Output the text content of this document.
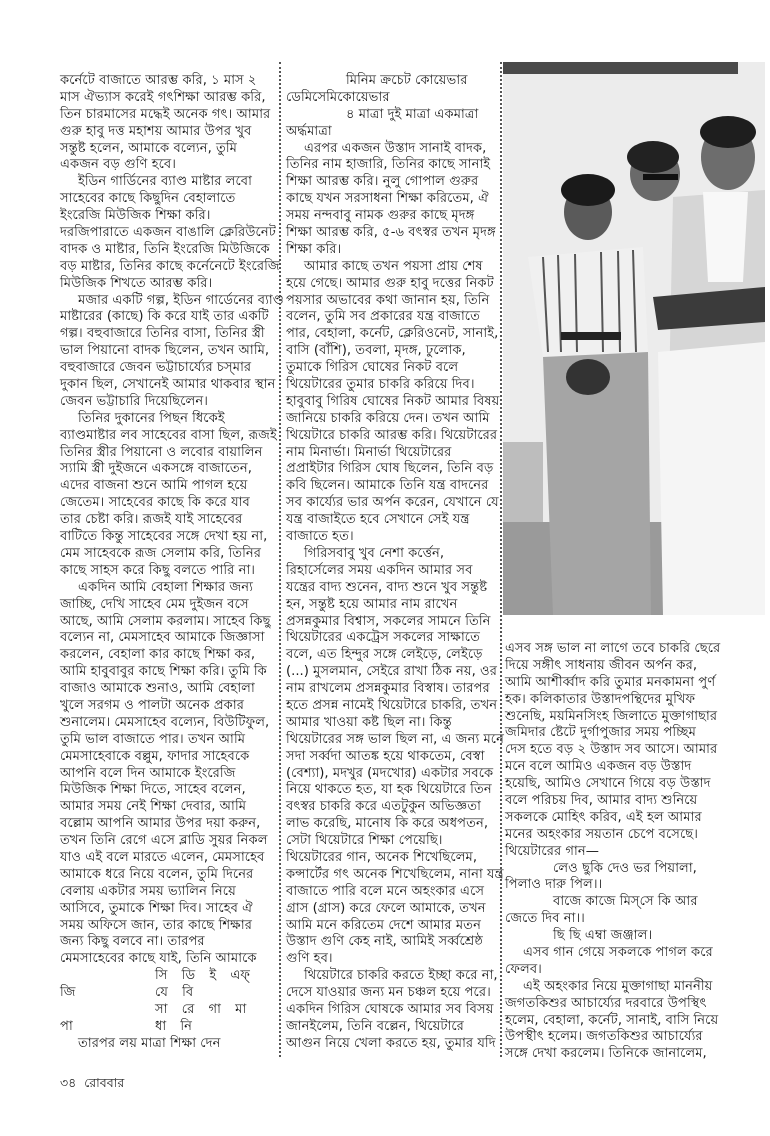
কর্নেটে বাজাতে আরম্ভ করি, ১ মাস ২
মাস ঐভ্যাস করেই গৎশিক্ষা আরম্ভ করি,
তিন চারমাসের মদ্ধেই অনেক গৎ। আমার
গুরু হাবু দত্ত মহাশয় আমার উপর খুব
সন্তুষ্ট হলেন, আমাকে বল্যেন, তুমি
একজন বড় গুণি হবে।
ইডিন গার্ডিনের ব্যাণ্ড মাষ্টার লবো
সাহেবের কাছে কিছুদিন বেহালাতে
ইংরেজি মিউজিক শিক্ষা করি।
দরজিপারাতে একজন বাঙালি ক্লেরিউনেট
বাদক ও মাষ্টার, তিনি ইংরেজি মিউজিকে
বড় মাষ্টার, তিনির কাছে কর্নেনেটে ইংরেজি
মিউজিক শিখতে আরম্ভ করি।
মজার একটি গল্প, ইডিন গার্ডেনের ব্যাণ্ড
মাষ্টারের (কাছে) কি করে যাই তার একটি
গল্প। বহুবাজারে তিনির বাসা, তিনির স্ত্রী
ভাল পিয়ানো বাদক ছিলেন, তখন আমি,
বহুবাজারে জেবন ভট্টাচার্য্যের চস্‌মার
দুকান ছিল, সেখানেই আমার থাকবার স্থান
জেবন ভট্টাচারি দিয়েছিলেন।
তিনির দুকানের পিছন ধিকেই
ব্যাণ্ডমাষ্টার লব সাহেবের বাসা ছিল, রূজই
তিনির স্ত্রীর পিয়ানো ও লবোর বায়ালিন
স্যামি স্ত্রী দুইজনে একসঙ্গে বাজাতেন,
এদের বাজনা শুনে আমি পাগল হয়ে
জেতেম। সাহেবের কাছে কি করে যাব
তার চেষ্টা করি। রূজই যাই সাহেবের
বাটিতে কিন্তু সাহেবের সঙ্গে দেখা হয় না,
মেম সাহেবকে রূজ সেলাম করি, তিনির
কাছে সাহস করে কিছু বলতে পারি না।
একদিন আমি বেহালা শিক্ষার জন্য
জাচ্ছি, দেখি সাহেব মেম দুইজন বসে
আছে, আমি সেলাম করলাম। সাহেব কিছু
বল্যেন না, মেমসাহেব আমাকে জিজ্ঞাসা
করলেন, বেহালা কার কাছে শিক্ষা কর,
আমি হাবুবাবুর কাছে শিক্ষা করি। তুমি কি
বাজাও আমাকে শুনাও, আমি বেহালা
খুলে সরগম ও পালটা অনেক প্রকার
শুনালেম। মেমসাহেব বল্যেন, বিউটিফুল,
তুমি ভাল বাজাতে পার। তখন আমি
মেমসাহেবাকে বল্লুম, ফাদার সাহেবকে
আপনি বলে দিন আমাকে ইংরেজি
মিউজিক শিক্ষা দিতে, সাহেব বলেন,
আমার সময় নেই শিক্ষা দেবার, আমি
বল্লোম আপনি আমার উপর দয়া করুন,
তখন তিনি রেগে এসে ব্লাডি সুয়র নিকল
যাও এই বলে মারতে এলেন, মেমসাহেব
আমাকে ধরে নিয়ে বলেন, তুমি দিনের
বেলায় একটার সময় ভ্যালিন নিয়ে
আসিবে, তুমাকে শিক্ষা দিব। সাহেব ঐ
সময় অফিসে জান, তার কাছে শিক্ষার
জন্য কিছু বলবে না। তারপর
মেমসাহেবের কাছে যাই, তিনি আমাকে
সি ডি ই এফ্
জি	যে বি
সা রে গা মা
পা	ধা নি
তারপর লয় মাত্রা শিক্ষা দেন
মিনিম ক্রচেট কোয়েভার
ডেমিসেমিকোয়েভার
৪ মাত্রা দুই মাত্রা একমাত্রা
অর্দ্ধমাত্রা
এরপর একজন উস্তাদ সানাই বাদক,
তিনির নাম হাজারি, তিনির কাছে সানাই
শিক্ষা আরম্ভ করি। নুলু গোপাল গুরুর
কাছে যখন সরসাধনা শিক্ষা করিতেম, ঐ
সময় নন্দবাবু নামক গুরুর কাছে মৃদঙ্গ
শিক্ষা আরম্ভ করি, ৫-৬ বৎস্বর তখন মৃদঙ্গ
শিক্ষা করি।
আমার কাছে তখন পয়সা প্রায় শেষ
হয়ে গেছে। আমার গুরু হাবু দত্তের নিকট
পয়সার অভাবের কথা জানান হয়, তিনি
বলেন, তুমি সব প্রকারের যন্ত্র বাজাতে
পার, বেহালা, কর্নেট, ক্লেরিওনেট, সানাই,
বাসি (বাঁশি), তবলা, মৃদঙ্গ, ঢুলোক,
তুমাকে গিরিস ঘোষের নিকট বলে
থিয়েটারের তুমার চাকরি করিয়ে দিব।
হাবুবাবু গিরিষ ঘোষের নিকট আমার বিষয়
জানিয়ে চাকরি করিয়ে দেন। তখন আমি
থিয়েটারে চাকরি আরম্ভ করি। থিয়েটারের
নাম মিনার্ভা। মিনার্ভা থিয়েটারের
প্রপ্রাইটার গিরিস ঘোষ ছিলেন, তিনি বড়
কবি ছিলেন। আমাকে তিনি যন্ত্র বাদনের
সব কার্য্যের ভার অর্পন করেন, যেখানে যে
যন্ত্র বাজাইতে হবে সেখানে সেই যন্ত্র
বাজাতে হত।
গিরিসবাবু খুব নেশা কর্ত্তেন,
রিহার্সেলের সময় একদিন আমার সব
যন্ত্রের বাদ্য শুনেন, বাদ্য শুনে খুব সন্তুষ্ট
হন, সন্তুষ্ট হয়ে আমার নাম রাখেন
প্রসন্নকুমার বিশ্বাস, সকলের সামনে তিনি
থিয়েটারের একট্রেস সকলের সাক্ষাতে
বলে, এত হিন্দুর সঙ্গে লেইড়ে, লেইড়ে
(...) মুসলমান, সেইরে রাখা ঠিক নয়, ওর
নাম রাখলেম প্রসন্নকুমার বিস্বাষ। তারপর
হতে প্রসন্ন নামেই থিয়েটারে চাকরি, তখন
আমার খাওয়া কষ্ট ছিল না। কিন্তু
থিয়েটারের সঙ্গ ভাল ছিল না, এ জন্য মনে
সদা সর্ব্বদা আতঙ্ক হয়ে থাকতেম, বেস্বা
(বেশ্যা), মদখুর (মদখোর) একটার সবকে
নিয়ে থাকতে হত, যা হক থিয়েটারে তিন
বৎস্বর চাকরি করে এতটুকুন অভিজ্ঞতা
লাভ করেছি, মানোষ কি করে অধপতন,
সেটা থিয়েটারে শিক্ষা পেয়েছি।
থিয়েটারের গান, অনেক শিখেছিলেম,
কন্সার্টের গৎ অনেক শিখেছিলেম, নানা যন্ত্র
বাজাতে পারি বলে মনে অহংকার এসে
গ্রাস (গ্রাস) করে ফেলে আমাকে, তখন
আমি মনে করিতেম দেশে আমার মতন
উস্তাদ গুণি কেহ নাই, আমিই সর্ব্বশ্রেষ্ঠ
গুণি হব।
থিয়েটারে চাকরি করতে ইচ্ছা করে না,
দেসে যাওয়ার জন্য মন চঞ্চল হয়ে পরে।
একদিন গিরিস ঘোষকে আমার সব বিসয়
জানইলেম, তিনি বল্লেন, থিয়েটারে
আগুন নিয়ে খেলা করতে হয়, তুমার যদি
এসব সঙ্গ ভাল না লাগে তবে চাকরি ছেরে
দিয়ে সঙ্গীৎ সাধনায় জীবন অর্পন কর,
আমি আশীর্ব্বাদ করি তুমার মনকামনা পুর্ণ
হক। কলিকাতার উস্তাদপন্থিদের মুখিফ
শুনেছি, ময়মিনসিংহ জিলাতে মুক্তাগাছার
জমিদার ষ্টেটে দুর্গাপুজার সময় পচ্ছিম
দেস হতে বড় ২ উস্তাদ সব আসে। আমার
মনে বলে আমিও একজন বড় উস্তাদ
হয়েছি, আমিও সেখানে গিয়ে বড় উস্তাদ
বলে পরিচয় দিব, আমার বাদ্য শুনিয়ে
সকলকে মোহিৎ করিব, এই হল আমার
মনের অহংকার সয়তান চেপে বসেছে।
থিয়েটারের গান—
লেও ছুকি দেও ভর পিয়ালা,
পিলাও দারু পিল।।
বাজে কাজে মিস্‌সে কি আর
জেতে দিব না।।
ছি ছি এম্বা জঞ্জাল।
এসব গান গেয়ে সকলকে পাগল করে
ফেলব।
এই অহংকার নিয়ে মুক্তাগাছা মাননীয়
জগতকিশুর আচার্য্যের দরবারে উপস্থিৎ
হলেম, বেহালা, কর্নেট, সানাই, বাসি নিয়ে
উপস্থীৎ হলেম। জগতকিশুর আচার্য্যের
সঙ্গে দেখা করলেম। তিনিকে জানালেম,
৩৪ রোববার
